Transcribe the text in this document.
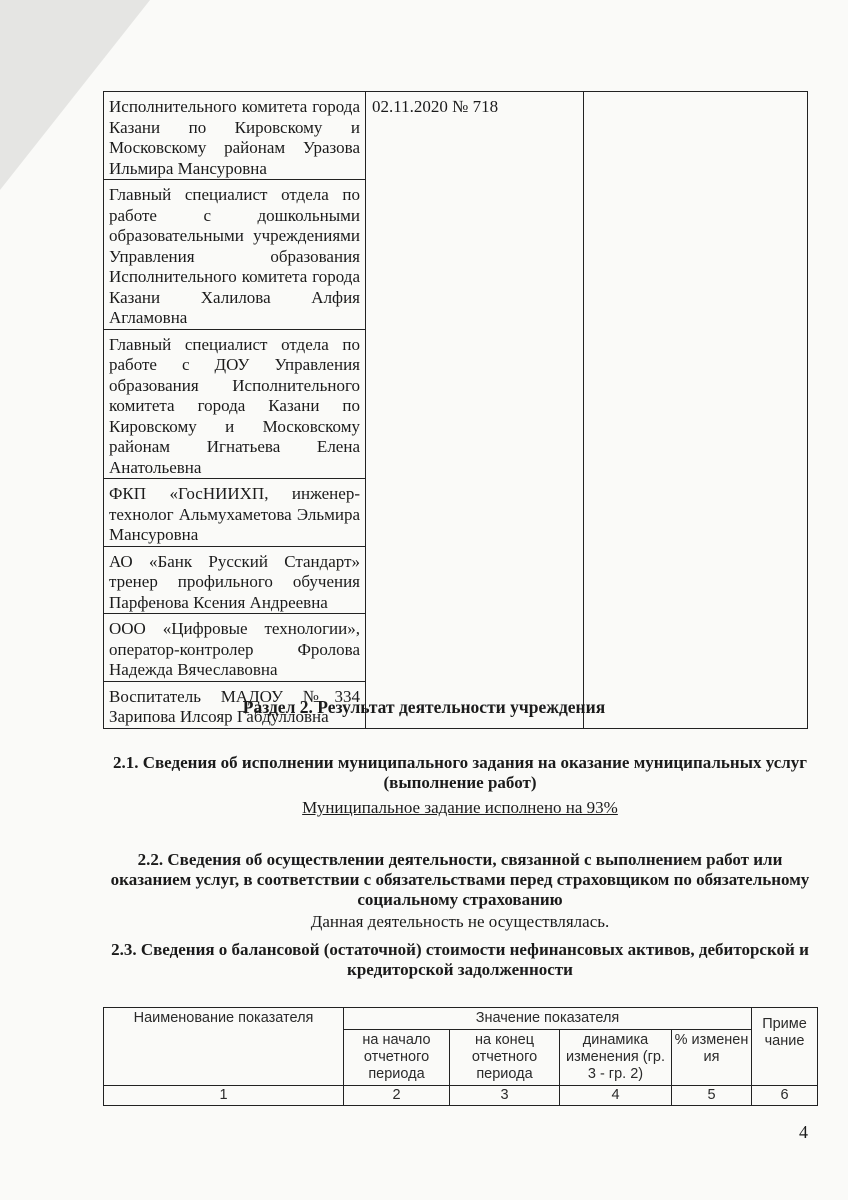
Исполнительного комитета города Казани по Кировскому и Московскому районам Уразова Ильмира Мансуровна	02.11.2020 № 718	
Главный специалист отдела по работе с дошкольными образовательными учреждениями Управления образования Исполнительного комитета города Казани Халилова Алфия Агламовна
Главный специалист отдела по работе с ДОУ Управления образования Исполнительного комитета города Казани по Кировскому и Московскому районам Игнатьева Елена Анатольевна
ФКП «ГосНИИХП, инженер-технолог Альмухаметова Эльмира Мансуровна
АО «Банк Русский Стандарт» тренер профильного обучения Парфенова Ксения Андреевна
ООО «Цифровые технологии», оператор-контролер Фролова Надежда Вячеславовна
Воспитатель МАДОУ №334 Зарипова Илсояр Габдулловна
Раздел 2. Результат деятельности учреждения
2.1. Сведения об исполнении муниципального задания на оказание муниципальных услуг (выполнение работ)
Муниципальное задание исполнено на 93%
2.2. Сведения об осуществлении деятельности, связанной с выполнением работ или оказанием услуг, в соответствии с обязательствами перед страховщиком по обязательному социальному страхованию
Данная деятельность не осуществлялась.
2.3. Сведения о балансовой (остаточной) стоимости нефинансовых активов, дебиторской и кредиторской задолженности
Наименование показателя	Значение показателя				Приме чание
	на начало отчетного периода	на конец отчетного периода	динамика изменения (гр. 3 - гр. 2)	% изменен ия	
1	2	3	4	5	6
4
